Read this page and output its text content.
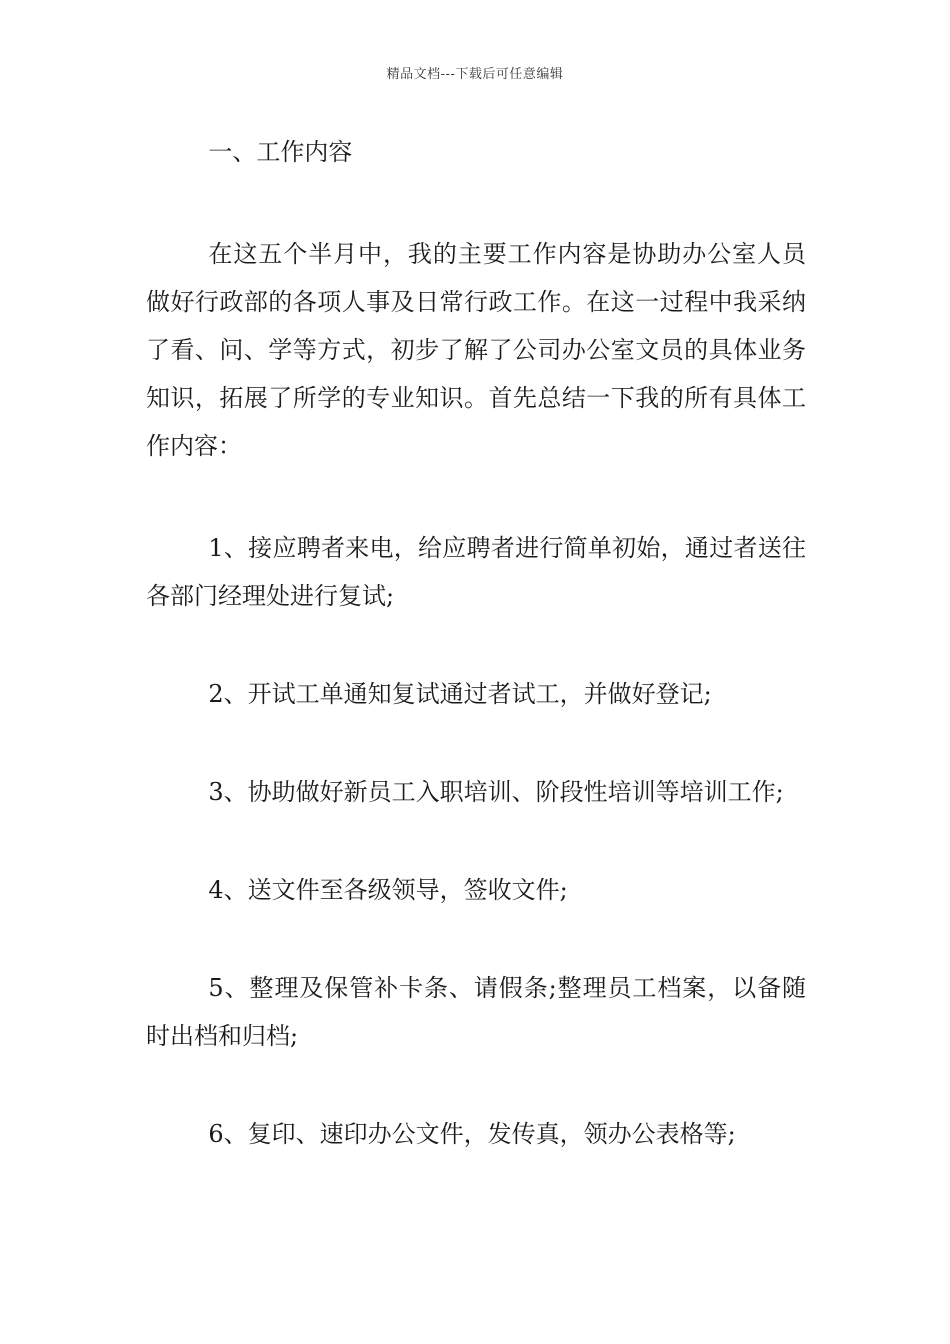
精品文档---下载后可任意编辑

一、工作内容

在这五个半月中，我的主要工作内容是协助办公室人员做好行政部的各项人事及日常行政工作。在这一过程中我采纳了看、问、学等方式，初步了解了公司办公室文员的具体业务知识，拓展了所学的专业知识。首先总结一下我的所有具体工作内容：

1、接应聘者来电，给应聘者进行简单初始，通过者送往各部门经理处进行复试;

2、开试工单通知复试通过者试工，并做好登记;

3、协助做好新员工入职培训、阶段性培训等培训工作;

4、送文件至各级领导，签收文件;

5、整理及保管补卡条、请假条;整理员工档案，以备随时出档和归档;

6、复印、速印办公文件，发传真，领办公表格等;
